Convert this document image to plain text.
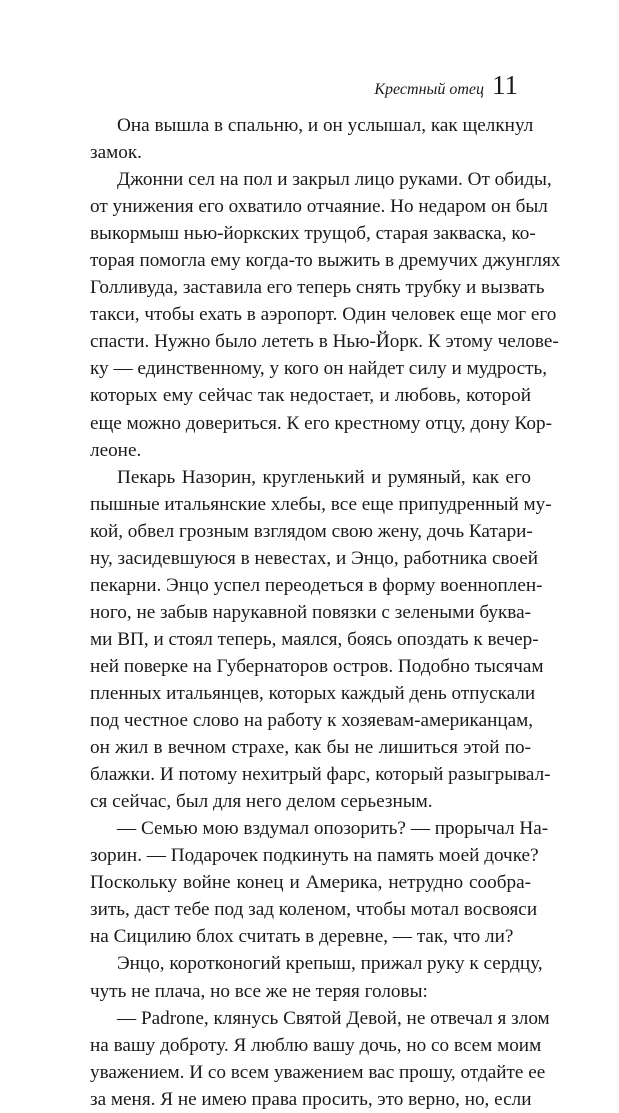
Крестный отец 11
Она вышла в спальню, и он услышал, как щелкнул
замок.
Джонни сел на пол и закрыл лицо руками. От обиды,
от унижения его охватило отчаяние. Но недаром он был
выкормыш нью-йоркских трущоб, старая закваска, ко-
торая помогла ему когда-то выжить в дремучих джунглях
Голливуда, заставила его теперь снять трубку и вызвать
такси, чтобы ехать в аэропорт. Один человек еще мог его
спасти. Нужно было лететь в Нью-Йорк. К этому челове-
ку — единственному, у кого он найдет силу и мудрость,
которых ему сейчас так недостает, и любовь, которой
еще можно довериться. К его крестному отцу, дону Кор-
леоне.
Пекарь Назорин, кругленький и румяный, как его
пышные итальянские хлебы, все еще припудренный му-
кой, обвел грозным взглядом свою жену, дочь Катари-
ну, засидевшуюся в невестах, и Энцо, работника своей
пекарни. Энцо успел переодеться в форму военноплен-
ного, не забыв нарукавной повязки с зелеными буква-
ми ВП, и стоял теперь, маялся, боясь опоздать к вечер-
ней поверке на Губернаторов остров. Подобно тысячам
пленных итальянцев, которых каждый день отпускали
под честное слово на работу к хозяевам-американцам,
он жил в вечном страхе, как бы не лишиться этой по-
блажки. И потому нехитрый фарс, который разыгрывал-
ся сейчас, был для него делом серьезным.
— Семью мою вздумал опозорить? — прорычал На-
зорин. — Подарочек подкинуть на память моей дочке?
Поскольку войне конец и Америка, нетрудно сообра-
зить, даст тебе под зад коленом, чтобы мотал восвояси
на Сицилию блох считать в деревне, — так, что ли?
Энцо, коротконогий крепыш, прижал руку к сердцу,
чуть не плача, но все же не теряя головы:
— Padrone, клянусь Святой Девой, не отвечал я злом
на вашу доброту. Я люблю вашу дочь, но со всем моим
уважением. И со всем уважением вас прошу, отдайте ее
за меня. Я не имею права просить, это верно, но, если
